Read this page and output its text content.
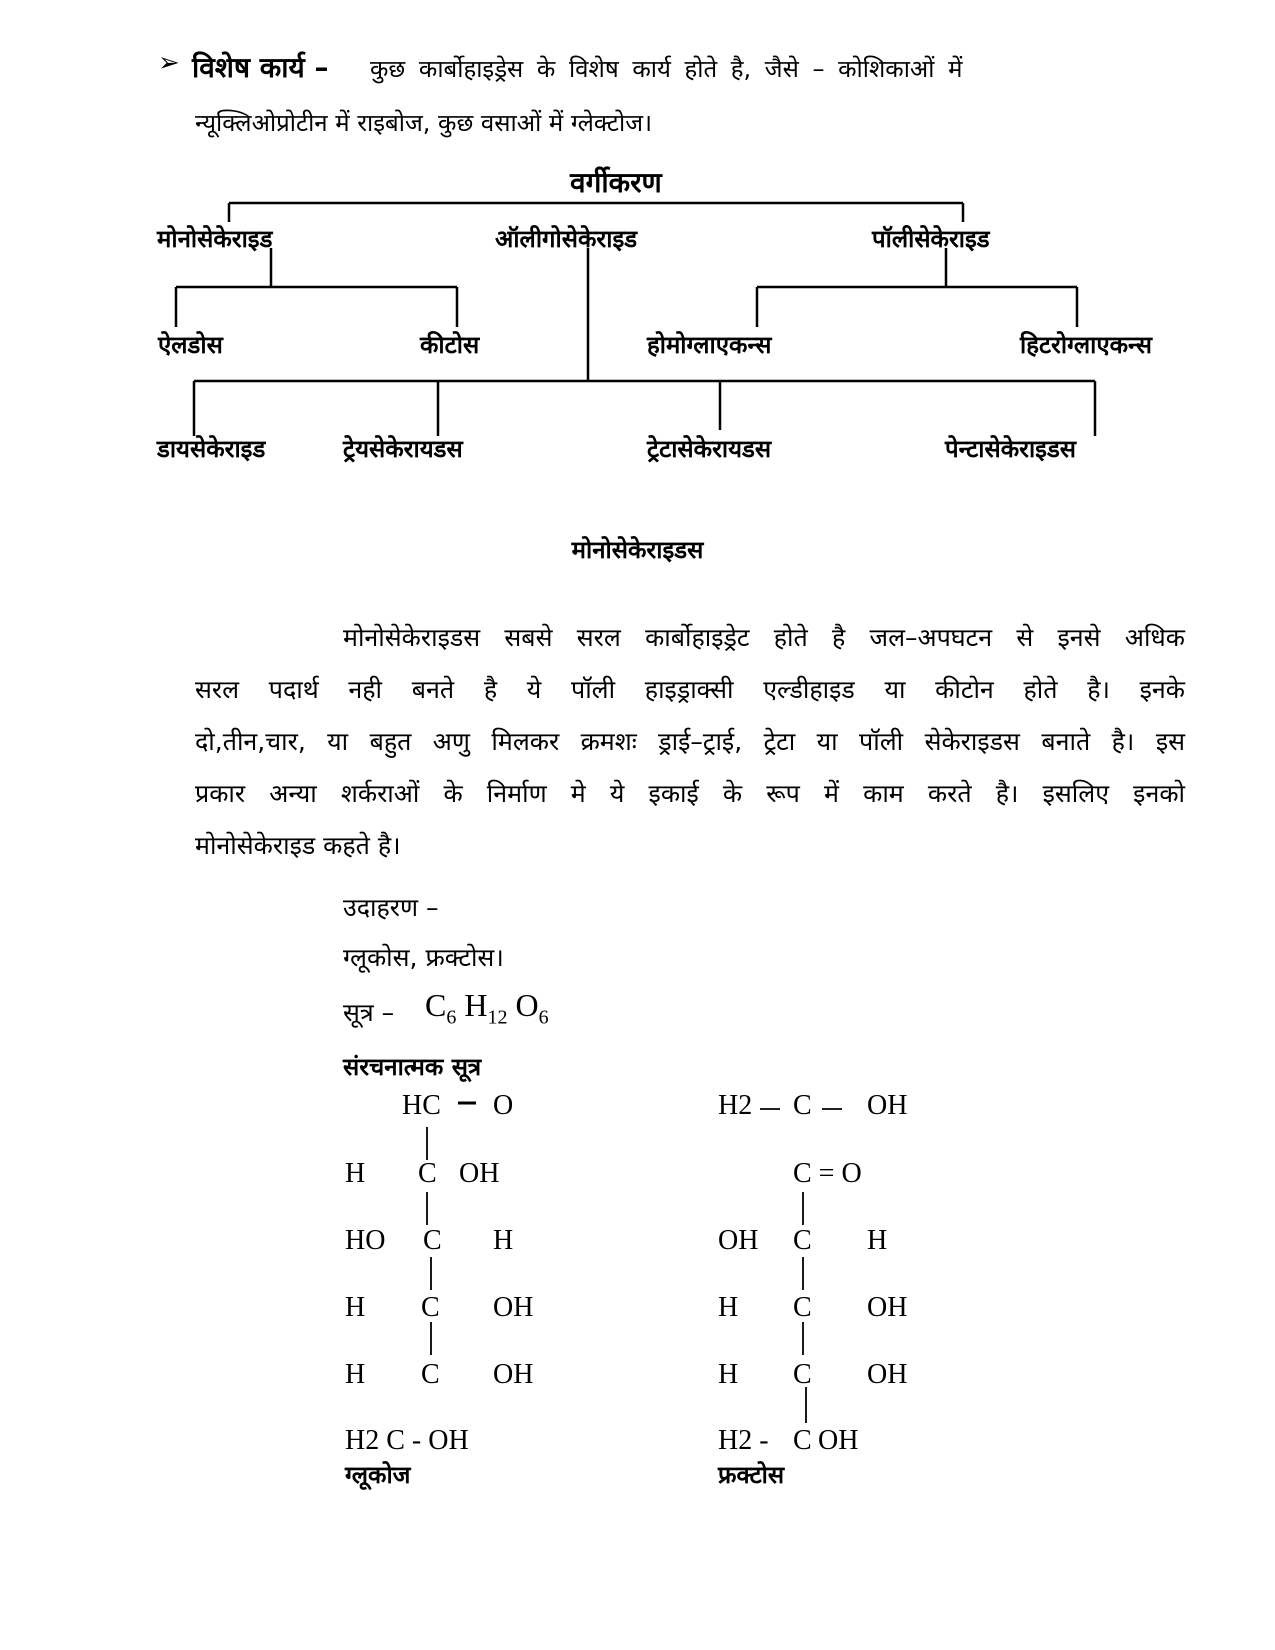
➢ विशेष कार्य – कुछ कार्बोहाइड्रेस के विशेष कार्य होते है, जैसे – कोशिकाओं में
न्यूक्लिओप्रोटीन में राइबोज, कुछ वसाओं में ग्लेक्टोज।
वर्गीकरण
मोनोसेकेराइड	ऑलीगोसेकेराइड	पॉलीसेकेराइड
ऐलडोस	कीटोस	होमोग्लाएकन्स	हिटरोग्लाएकन्स
डायसेकेराइड	ट्रेयसेकेरायडस	ट्रेटासेकेरायडस	पेन्टासेकेराइडस
मोनोसेकेराइडस
मोनोसेकेराइडस सबसे सरल कार्बोहाइड्रेट होते है जल–अपघटन से इनसे अधिक
सरल पदार्थ नही बनते है ये पॉली हाइड्राक्सी एल्डीहाइड या कीटोन होते है। इनके
दो,तीन,चार, या बहुत अणु मिलकर क्रमशः ड्राई–ट्राई, ट्रेटा या पॉली सेकेराइडस बनाते है। इस
प्रकार अन्या शर्कराओं के निर्माण मे ये इकाई के रूप में काम करते है। इसलिए इनको
मोनोसेकेराइड कहते है।
उदाहरण –
ग्लूकोस, फ्रक्टोस।
सूत्र – $C_6$ $H_{12}$ $O_6$
संरचनात्मक सूत्र
HC O
H C OH
HO C H
H C OH
H C OH
H2 C - OH
ग्लूकोज
H2 C OH
C = O
OH C H
H C OH
H C OH
H2 - C OH
फ्रक्टोस
